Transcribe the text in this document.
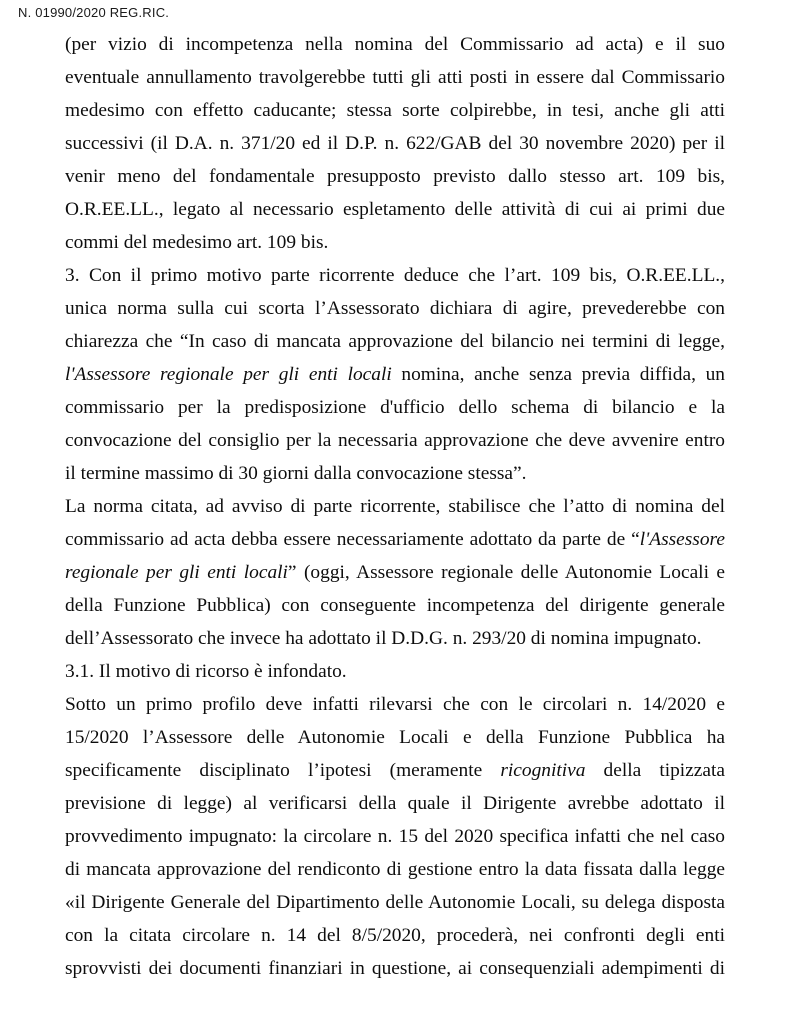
N. 01990/2020 REG.RIC.
(per vizio di incompetenza nella nomina del Commissario ad acta) e il suo
eventuale annullamento travolgerebbe tutti gli atti posti in essere dal Commissario
medesimo con effetto caducante; stessa sorte colpirebbe, in tesi, anche gli atti
successivi (il D.A. n. 371/20 ed il D.P. n. 622/GAB del 30 novembre 2020) per il
venir meno del fondamentale presupposto previsto dallo stesso art. 109 bis,
O.R.EE.LL., legato al necessario espletamento delle attività di cui ai primi due
commi del medesimo art. 109 bis.
3. Con il primo motivo parte ricorrente deduce che l’art. 109 bis, O.R.EE.LL.,
unica norma sulla cui scorta l’Assessorato dichiara di agire, prevederebbe con
chiarezza che “In caso di mancata approvazione del bilancio nei termini di legge,
l'Assessore regionale per gli enti locali nomina, anche senza previa diffida, un
commissario per la predisposizione d'ufficio dello schema di bilancio e la
convocazione del consiglio per la necessaria approvazione che deve avvenire entro
il termine massimo di 30 giorni dalla convocazione stessa”.
La norma citata, ad avviso di parte ricorrente, stabilisce che l’atto di nomina del
commissario ad acta debba essere necessariamente adottato da parte de “l'Assessore
regionale per gli enti locali” (oggi, Assessore regionale delle Autonomie Locali e
della Funzione Pubblica) con conseguente incompetenza del dirigente generale
dell’Assessorato che invece ha adottato il D.D.G. n. 293/20 di nomina impugnato.
3.1. Il motivo di ricorso è infondato.
Sotto un primo profilo deve infatti rilevarsi che con le circolari n. 14/2020 e
15/2020 l’Assessore delle Autonomie Locali e della Funzione Pubblica ha
specificamente disciplinato l’ipotesi (meramente ricognitiva della tipizzata
previsione di legge) al verificarsi della quale il Dirigente avrebbe adottato il
provvedimento impugnato: la circolare n. 15 del 2020 specifica infatti che nel caso
di mancata approvazione del rendiconto di gestione entro la data fissata dalla legge
«il Dirigente Generale del Dipartimento delle Autonomie Locali, su delega disposta
con la citata circolare n. 14 del 8/5/2020, procederà, nei confronti degli enti
sprovvisti dei documenti finanziari in questione, ai consequenziali adempimenti di
